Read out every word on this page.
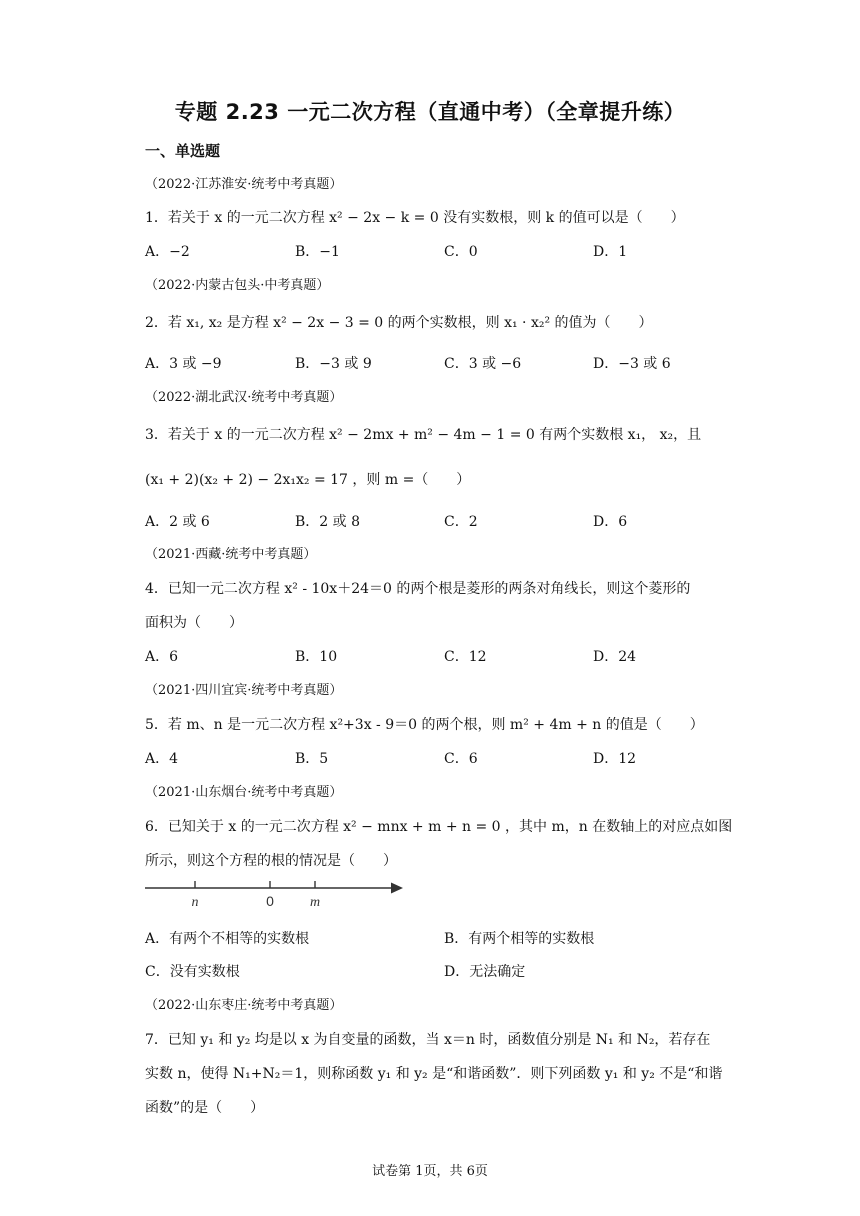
专题 2.23 一元二次方程（直通中考）（全章提升练）
一、单选题
（2022·江苏淮安·统考中考真题）
1．若关于 x 的一元二次方程 x² − 2x − k = 0 没有实数根，则 k 的值可以是（　　）
A．−2	B．−1	C．0	D．1
（2022·内蒙古包头·中考真题）
2．若 x₁, x₂ 是方程 x² − 2x − 3 = 0 的两个实数根，则 x₁ · x₂² 的值为（　　）
A．3 或 −9	B．−3 或 9	C．3 或 −6	D．−3 或 6
（2022·湖北武汉·统考中考真题）
3．若关于 x 的一元二次方程 x² − 2mx + m² − 4m − 1 = 0 有两个实数根 x₁， x₂，且
(x₁ + 2)(x₂ + 2) − 2x₁x₂ = 17 ，则 m =（　　）
A．2 或 6	B．2 或 8	C．2	D．6
（2021·西藏·统考中考真题）
4．已知一元二次方程 x² - 10x＋24＝0 的两个根是菱形的两条对角线长，则这个菱形的
面积为（　　）
A．6	B．10	C．12	D．24
（2021·四川宜宾·统考中考真题）
5．若 m、n 是一元二次方程 x²+3x - 9＝0 的两个根，则 m² + 4m + n 的值是（　　）
A．4	B．5	C．6	D．12
（2021·山东烟台·统考中考真题）
6．已知关于 x 的一元二次方程 x² − mnx + m + n = 0 ，其中 m，n 在数轴上的对应点如图
所示，则这个方程的根的情况是（　　）
n	0	m
A．有两个不相等的实数根	B．有两个相等的实数根
C．没有实数根	D．无法确定
（2022·山东枣庄·统考中考真题）
7．已知 y₁ 和 y₂ 均是以 x 为自变量的函数，当 x＝n 时，函数值分别是 N₁ 和 N₂，若存在
实数 n，使得 N₁+N₂＝1，则称函数 y₁ 和 y₂ 是“和谐函数”．则下列函数 y₁ 和 y₂ 不是“和谐
函数”的是（　　）
试卷第 1页，共 6页
